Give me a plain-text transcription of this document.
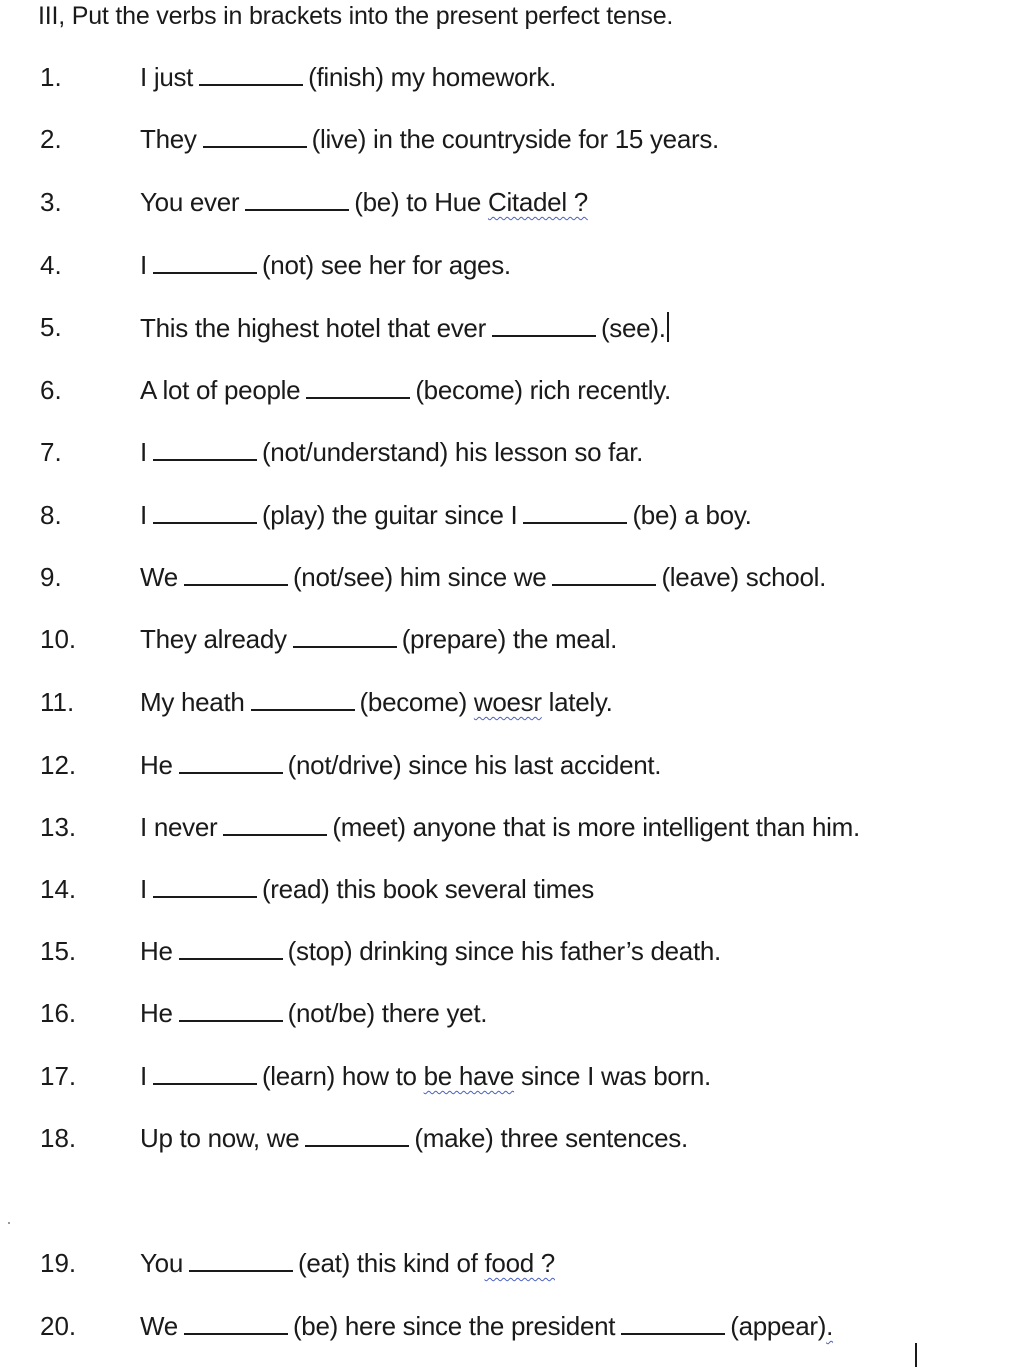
III, Put the verbs in brackets into the present perfect tense.
1.	I just	(finish) my homework.
2.	They	(live) in the countryside for 15 years.
3.	You ever	(be) to Hue Citadel ?
4.	I	(not) see her for ages.
5.	This the highest hotel that ever	(see).
6.	A lot of people	(become) rich recently.
7.	I	(not/understand) his lesson so far.
8.	I	(play) the guitar since I	(be) a boy.
9.	We	(not/see) him since we	(leave) school.
10. They already	(prepare) the meal.
11.	My heath	(become) woesr lately.
12. He	(not/drive) since his last accident.
13. I never	(meet) anyone that is more intelligent than him.
14. I	(read) this book several times
15. He	(stop) drinking since his father’s death.
16. He	(not/be) there yet.
17. I	(learn) how to be have since I was born.
18. Up to now, we	(make) three sentences.
19. You	(eat) this kind of food ?
20. We	(be) here since the president	(appear).
